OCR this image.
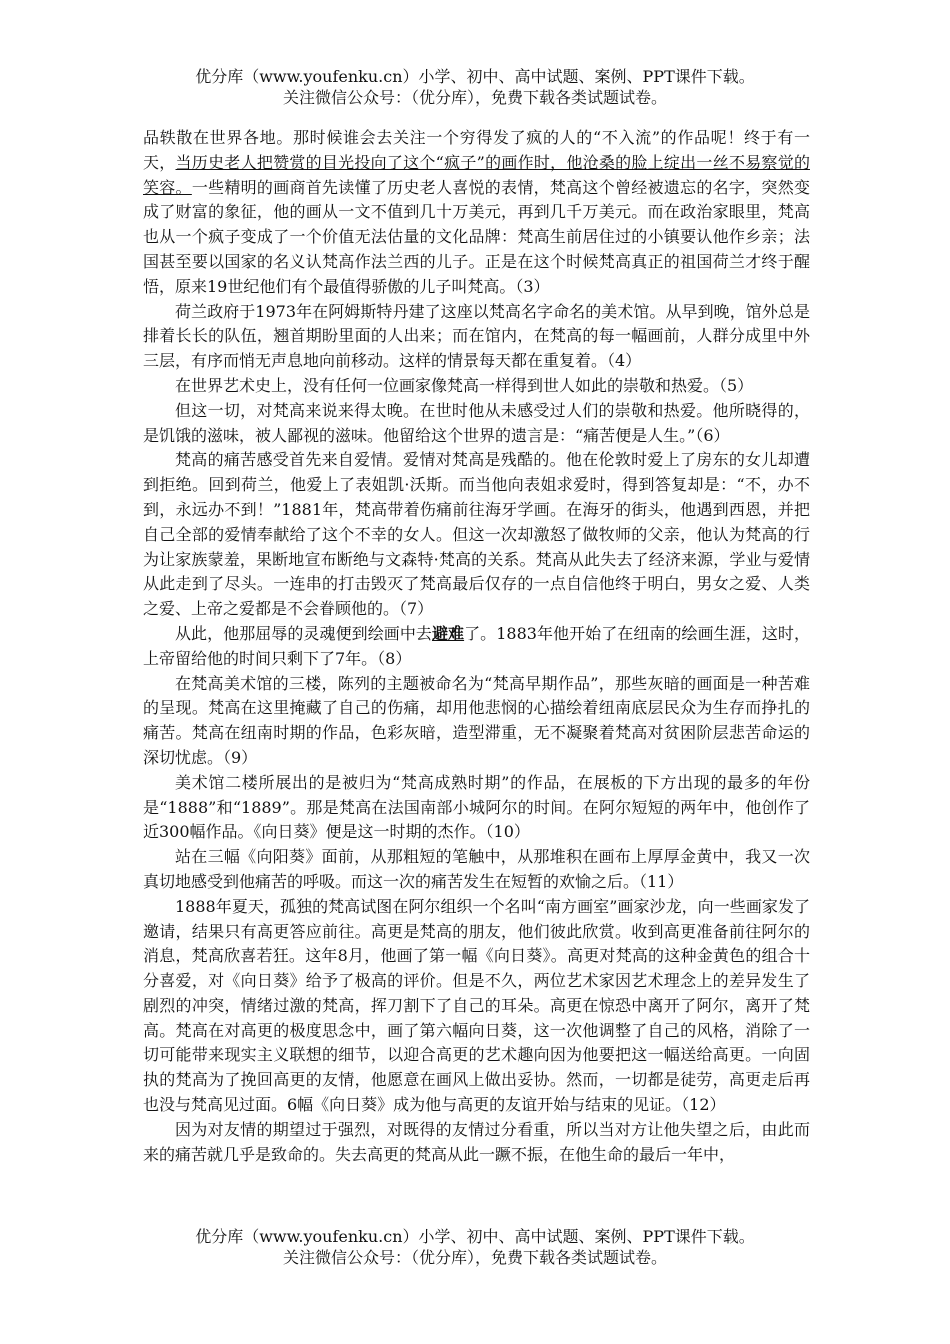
优分库（www.youfenku.cn）小学、初中、高中试题、案例、PPT课件下载。
关注微信公众号：（优分库），免费下载各类试题试卷。

品轶散在世界各地。那时候谁会去关注一个穷得发了疯的人的“不入流”的作品呢！终于有一天，当历史老人把赞赏的目光投向了这个“疯子”的画作时，他沧桑的脸上绽出一丝不易察觉的笑容。一些精明的画商首先读懂了历史老人喜悦的表情，梵高这个曾经被遗忘的名字，突然变成了财富的象征，他的画从一文不值到几十万美元，再到几千万美元。而在政治家眼里，梵高也从一个疯子变成了一个价值无法估量的文化品牌：梵高生前居住过的小镇要认他作乡亲；法国甚至要以国家的名义认梵高作法兰西的儿子。正是在这个时候梵高真正的祖国荷兰才终于醒悟，原来19世纪他们有个最值得骄傲的儿子叫梵高。（3）

荷兰政府于1973年在阿姆斯特丹建了这座以梵高名字命名的美术馆。从早到晚，馆外总是排着长长的队伍，翘首期盼里面的人出来；而在馆内，在梵高的每一幅画前，人群分成里中外三层，有序而悄无声息地向前移动。这样的情景每天都在重复着。（4）

在世界艺术史上，没有任何一位画家像梵高一样得到世人如此的崇敬和热爱。（5）

但这一切，对梵高来说来得太晚。在世时他从未感受过人们的崇敬和热爱。他所晓得的，是饥饿的滋味，被人鄙视的滋味。他留给这个世界的遗言是：“痛苦便是人生。”（6）

梵高的痛苦感受首先来自爱情。爱情对梵高是残酷的。他在伦敦时爱上了房东的女儿却遭到拒绝。回到荷兰，他爱上了表姐凯·沃斯。而当他向表姐求爱时，得到答复却是：“不，办不到，永远办不到！”1881年，梵高带着伤痛前往海牙学画。在海牙的街头，他遇到西恩，并把自己全部的爱情奉献给了这个不幸的女人。但这一次却激怒了做牧师的父亲，他认为梵高的行为让家族蒙羞，果断地宣布断绝与文森特·梵高的关系。梵高从此失去了经济来源，学业与爱情从此走到了尽头。一连串的打击毁灭了梵高最后仅存的一点自信他终于明白，男女之爱、人类之爱、上帝之爱都是不会眷顾他的。（7）

从此，他那屈辱的灵魂便到绘画中去避难了。1883年他开始了在纽南的绘画生涯，这时，上帝留给他的时间只剩下了7年。（8）

在梵高美术馆的三楼，陈列的主题被命名为“梵高早期作品”，那些灰暗的画面是一种苦难的呈现。梵高在这里掩藏了自己的伤痛，却用他悲悯的心描绘着纽南底层民众为生存而挣扎的痛苦。梵高在纽南时期的作品，色彩灰暗，造型滞重，无不凝聚着梵高对贫困阶层悲苦命运的深切忧虑。（9）

美术馆二楼所展出的是被归为“梵高成熟时期”的作品，在展板的下方出现的最多的年份是“1888”和“1889”。那是梵高在法国南部小城阿尔的时间。在阿尔短短的两年中，他创作了近300幅作品。《向日葵》便是这一时期的杰作。（10）

站在三幅《向阳葵》面前，从那粗短的笔触中，从那堆积在画布上厚厚金黄中，我又一次真切地感受到他痛苦的呼吸。而这一次的痛苦发生在短暂的欢愉之后。（11）

1888年夏天，孤独的梵高试图在阿尔组织一个名叫“南方画室”画家沙龙，向一些画家发了邀请，结果只有高更答应前往。高更是梵高的朋友，他们彼此欣赏。收到高更准备前往阿尔的消息，梵高欣喜若狂。这年8月，他画了第一幅《向日葵》。高更对梵高的这种金黄色的组合十分喜爱，对《向日葵》给予了极高的评价。但是不久，两位艺术家因艺术理念上的差异发生了剧烈的冲突，情绪过激的梵高，挥刀割下了自己的耳朵。高更在惊恐中离开了阿尔，离开了梵高。梵高在对高更的极度思念中，画了第六幅向日葵，这一次他调整了自己的风格，消除了一切可能带来现实主义联想的细节，以迎合高更的艺术趣向因为他要把这一幅送给高更。一向固执的梵高为了挽回高更的友情，他愿意在画风上做出妥协。然而，一切都是徒劳，高更走后再也没与梵高见过面。6幅《向日葵》成为他与高更的友谊开始与结束的见证。（12）

因为对友情的期望过于强烈，对既得的友情过分看重，所以当对方让他失望之后，由此而来的痛苦就几乎是致命的。失去高更的梵高从此一蹶不振，在他生命的最后一年中，

优分库（www.youfenku.cn）小学、初中、高中试题、案例、PPT课件下载。
关注微信公众号：（优分库），免费下载各类试题试卷。
